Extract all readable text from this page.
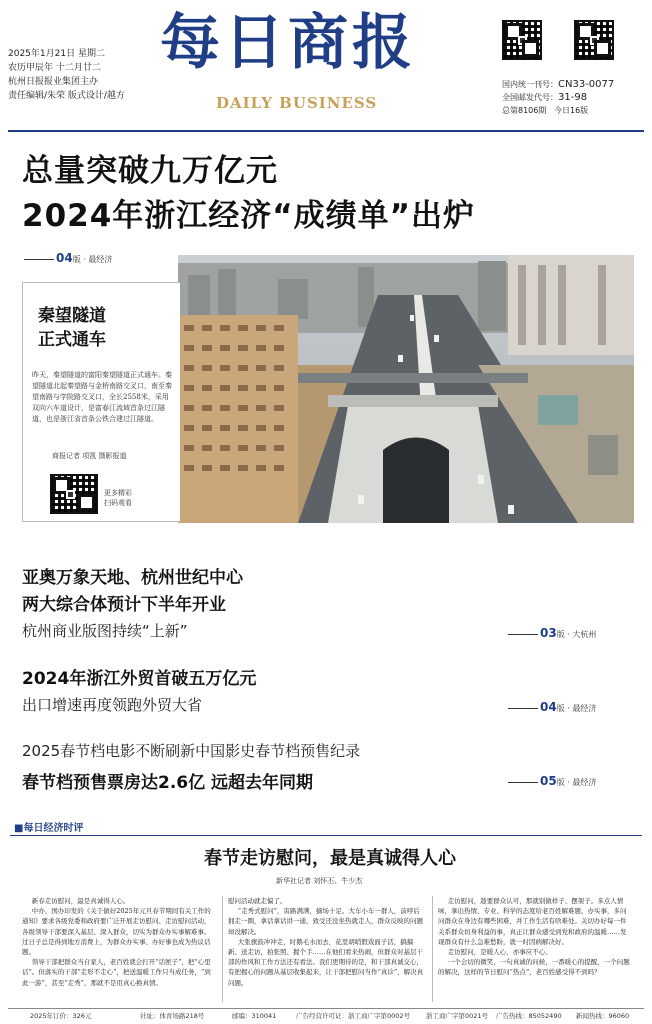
2025年1月21日 星期二
农历甲辰年 十二月廿二
杭州日报报业集团主办
责任编辑/朱荣 版式设计/越方
每日商报
DAILY BUSINESS
国内统一刊号：CN33-0077
全国邮发代号：31-98
总第8106期 今日16版
总量突破九万亿元
2024年浙江经济“成绩单”出炉
04版 · 最经济
秦望隧道
正式通车
昨天，秦望隧道的富阳秦望隧道正式通车。秦望隧道北起秦望路与金桥南路交叉口，南至秦望南路与学院路交叉口，全长2558米，采用双向六车道设计，是富春江流域首条过江隧道，也是浙江省首条公铁合建过江隧道。
商报记者 项凯 摄影报道
更多精彩
扫码观看
亚奥万象天地、杭州世纪中心
两大综合体预计下半年开业
杭州商业版图持续“上新”	03版 · 大杭州
2024年浙江外贸首破五万亿元
出口增速再度领跑外贸大省	04版 · 最经济
2025春节档电影不断刷新中国影史春节档预售纪录
春节档预售票房达2.6亿 远超去年同期	05版 · 最经济
■每日经济时评
春节走访慰问，最是真诚得人心
新华社记者 刘怀丕、牛少杰

新春走访慰问，最是真诚得人心。

中办、国办印发的《关于做好2025年元旦春节期间有关工作的通知》要求各级党委和政府要广泛开展走访慰问、走访慰问活动，各级领导干部要深入基层、深入群众，切实为群众办实事解难事。过日子总是得到地方消费上，为群众办实事、办好事也成为热议话题。

领导干部把群众当自家人，老百姓就会打开“话匣子”，把“心里话”。但落实的干部“走形不走心”，把送温暖工作只当成任务，“到此一游”，甚至“走秀”，那就不是用真心换真情。

慰问活动就走偏了。

“走秀式慰问”，害路满满，摘场十足。大车小车一群人，前呼后拥走一圈，拿话拿话讲一通，致受还没坐热就走人，群众反映的问题却没解决。

大张旗鼓冲冲走，时鹅毛水而去，花里胡哨假戏面子活，搞搞新、送走访，拍张照、握个手……在他们看来热闹，但群众对基层干部的作风和工作方法还有看法。我们更期待的是，和干部真诚交心，有把握心的问题从基层收集起来，让干部把慰问当作“真诊”，解决真问题。

走访慰问，趁要群众认可，那就别做样子、摆架子。多点人情味，拿出热情、专业、科学的态度给老百姓解难题、办实事，多问问群众在身边有哪些困难，并工作生活有啥难处。关切办好每一件关系群众切身利益的事，真正让群众感受到党和政府的温暖……发现群众有什么急难愁盼，就一时因病解决好。

走访慰问，是暖人心，亦事应不心。

一个会切的微笑，一句真诚的问候，一番暖心的提醒，一个问题的解决，这样的节日慰问“热点”，老百姓感受得不到吗？

2025年订价：326元	社址：体育场路218号	邮编：310041	广告经营许可证：浙工商广字第0002号 浙工商广字第0021号 广告热线：85052490 新闻热线：96060
